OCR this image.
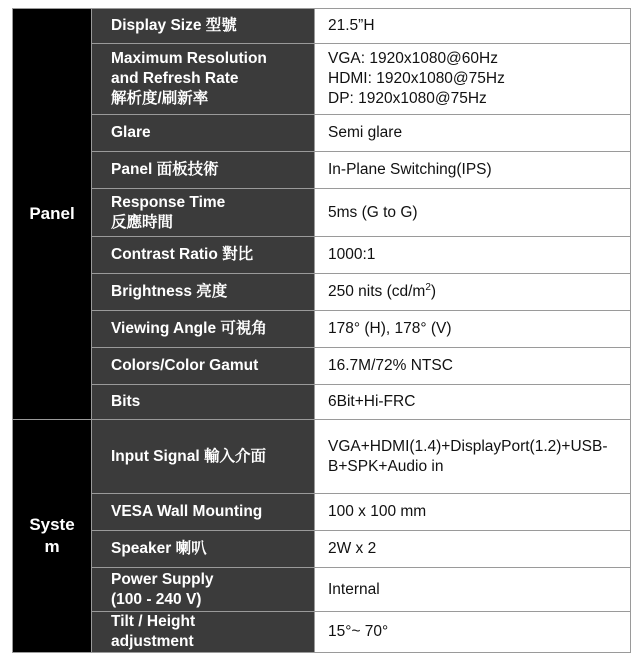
Panel	Display Size 型號	21.5”H
	Maximum Resolution
and Refresh Rate
解析度/刷新率	VGA: 1920x1080@60Hz
HDMI: 1920x1080@75Hz
DP: 1920x1080@75Hz
	Glare	Semi glare
	Panel 面板技術	In-Plane Switching(IPS)
	Response Time
反應時間	5ms (G to G)
	Contrast Ratio 對比	1000:1
	Brightness 亮度	250 nits $(cd/m^2)$
	Viewing Angle 可視角	178° (H), 178° (V)
	Colors/Color Gamut	16.7M/72% NTSC
	Bits	6Bit+Hi-FRC
Syste
m	Input Signal 輸入介面	VGA+HDMI(1.4)+DisplayPort(1.2)+USB-
B+SPK+Audio in
	VESA Wall Mounting	100 x 100 mm
	Speaker 喇叭	2W x 2
	Power Supply
(100 - 240 V)	Internal
	Tilt / Height
adjustment	15°~ 70°
